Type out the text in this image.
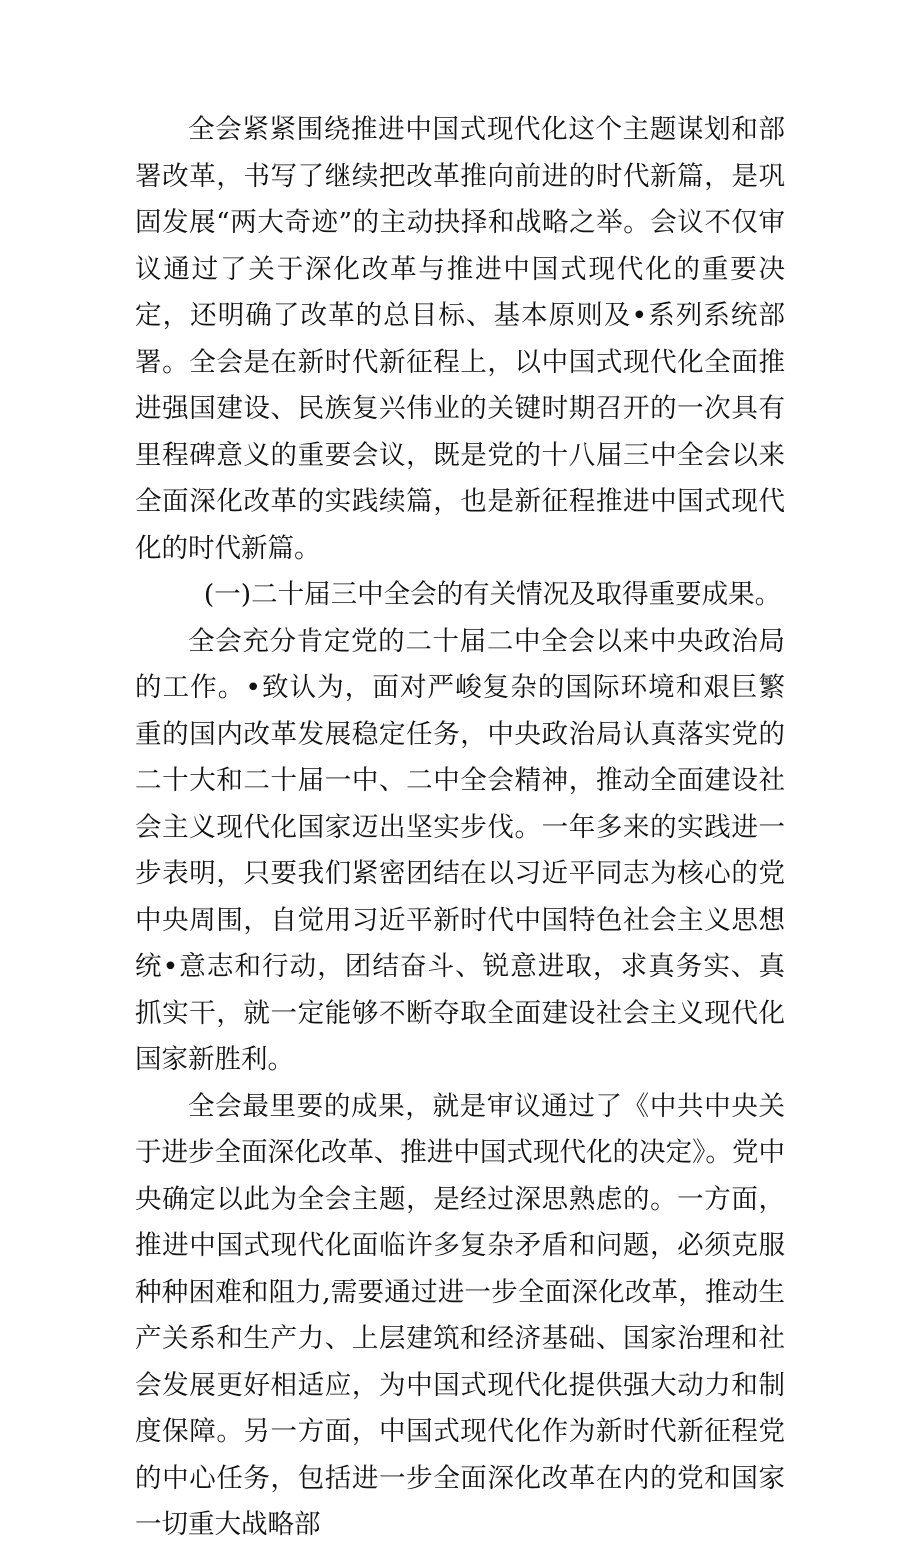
全会紧紧围绕推进中国式现代化这个主题谋划和部署改革，书写了继续把改革推向前进的时代新篇，是巩固发展“两大奇迹”的主动抉择和战略之举。会议不仅审议通过了关于深化改革与推进中国式现代化的重要决定，还明确了改革的总目标、基本原则及•系列系统部署。全会是在新时代新征程上，以中国式现代化全面推进强国建设、民族复兴伟业的关键时期召开的一次具有里程碑意义的重要会议，既是党的十八届三中全会以来全面深化改革的实践续篇，也是新征程推进中国式现代化的时代新篇。

(一)二十届三中全会的有关情况及取得重要成果。

全会充分肯定党的二十届二中全会以来中央政治局的工作。•致认为，面对严峻复杂的国际环境和艰巨繁重的国内改革发展稳定任务，中央政治局认真落实党的二十大和二十届一中、二中全会精神，推动全面建设社会主义现代化国家迈出坚实步伐。一年多来的实践进一步表明，只要我们紧密团结在以习近平同志为核心的党中央周围，自觉用习近平新时代中国特色社会主义思想统•意志和行动，团结奋斗、锐意进取，求真务实、真抓实干，就一定能够不断夺取全面建设社会主义现代化国家新胜利。

全会最里要的成果，就是审议通过了《中共中央关于进步全面深化改革、推进中国式现代化的决定》。党中央确定以此为全会主题，是经过深思熟虑的。一方面，推进中国式现代化面临许多复杂矛盾和问题，必须克服种种困难和阻力,需要通过进一步全面深化改革，推动生产关系和生产力、上层建筑和经济基础、国家治理和社会发展更好相适应，为中国式现代化提供强大动力和制度保障。另一方面，中国式现代化作为新时代新征程党的中心任务，包括进一步全面深化改革在内的党和国家一切重大战略部
